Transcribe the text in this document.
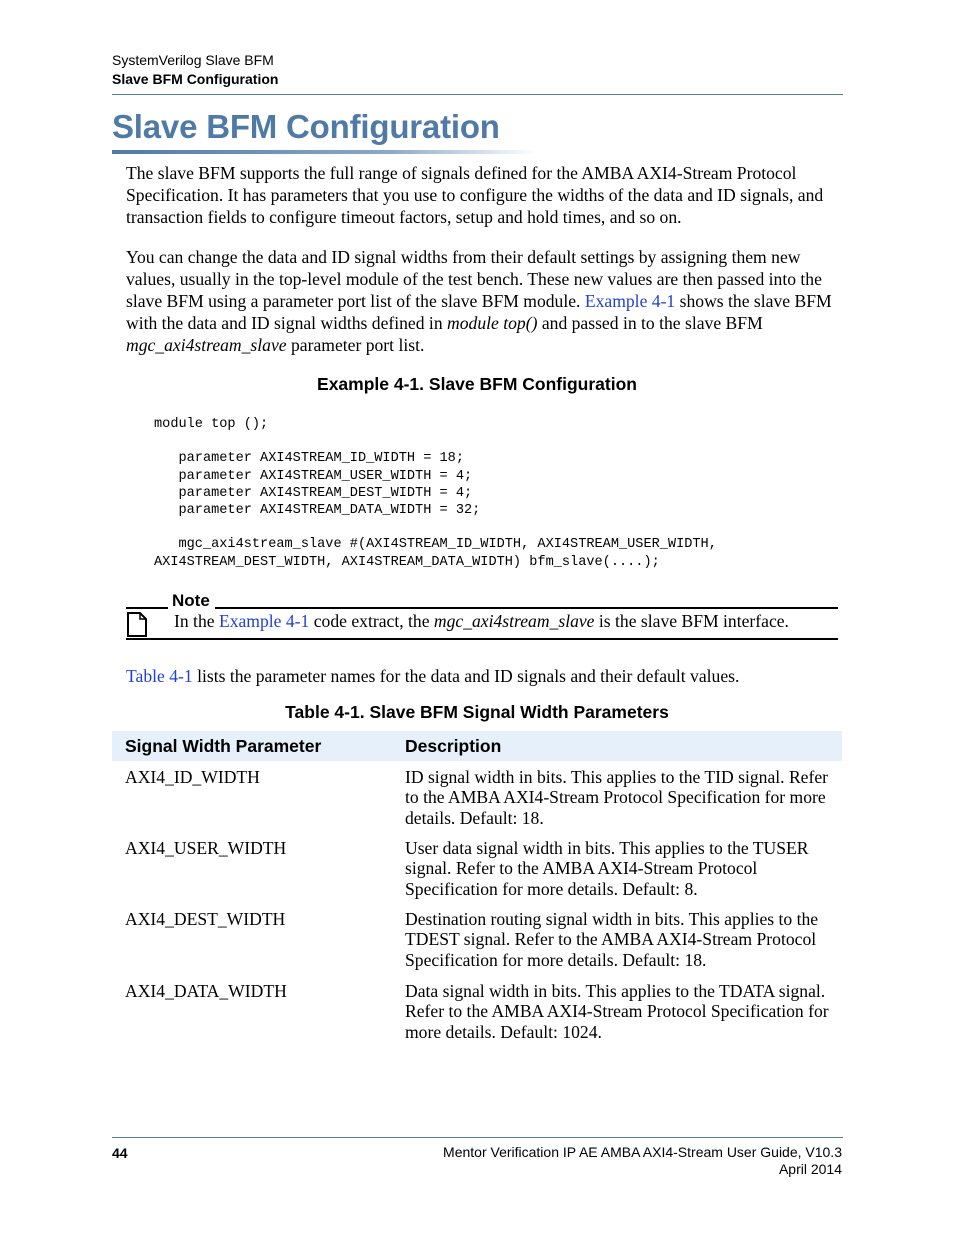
SystemVerilog Slave BFM
Slave BFM Configuration
Slave BFM Configuration
The slave BFM supports the full range of signals defined for the AMBA AXI4-Stream Protocol Specification. It has parameters that you use to configure the widths of the data and ID signals, and transaction fields to configure timeout factors, setup and hold times, and so on.
You can change the data and ID signal widths from their default settings by assigning them new values, usually in the top-level module of the test bench. These new values are then passed into the slave BFM using a parameter port list of the slave BFM module. Example 4-1 shows the slave BFM with the data and ID signal widths defined in module top() and passed in to the slave BFM mgc_axi4stream_slave parameter port list.
Example 4-1. Slave BFM Configuration
module top ();

parameter AXI4STREAM_ID_WIDTH = 18;
parameter AXI4STREAM_USER_WIDTH = 4;
parameter AXI4STREAM_DEST_WIDTH = 4;
parameter AXI4STREAM_DATA_WIDTH = 32;

mgc_axi4stream_slave #(AXI4STREAM_ID_WIDTH, AXI4STREAM_USER_WIDTH,
AXI4STREAM_DEST_WIDTH, AXI4STREAM_DATA_WIDTH) bfm_slave(....);
Note
In the Example 4-1 code extract, the mgc_axi4stream_slave is the slave BFM interface.
Table 4-1 lists the parameter names for the data and ID signals and their default values.
Table 4-1. Slave BFM Signal Width Parameters
Signal Width Parameter	Description
AXI4_ID_WIDTH	ID signal width in bits. This applies to the TID signal. Refer to the AMBA AXI4-Stream Protocol Specification for more details. Default: 18.
AXI4_USER_WIDTH	User data signal width in bits. This applies to the TUSER signal. Refer to the AMBA AXI4-Stream Protocol Specification for more details. Default: 8.
AXI4_DEST_WIDTH	Destination routing signal width in bits. This applies to the TDEST signal. Refer to the AMBA AXI4-Stream Protocol Specification for more details. Default: 18.
AXI4_DATA_WIDTH	Data signal width in bits. This applies to the TDATA signal. Refer to the AMBA AXI4-Stream Protocol Specification for more details. Default: 1024.
44	Mentor Verification IP AE AMBA AXI4-Stream User Guide, V10.3
April 2014
